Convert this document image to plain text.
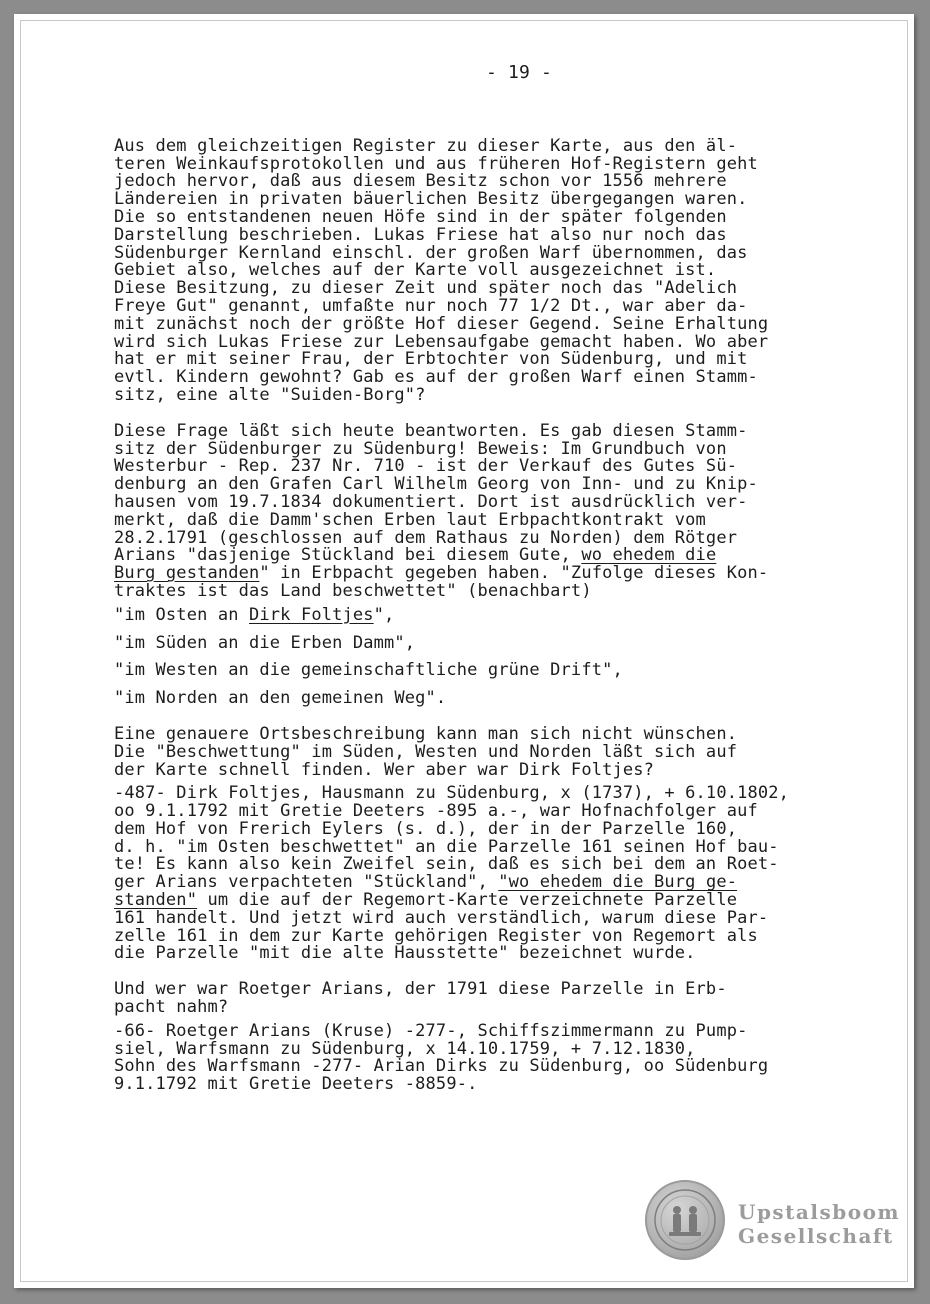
- 19 -
Aus dem gleichzeitigen Register zu dieser Karte, aus den äl-
teren Weinkaufsprotokollen und aus früheren Hof-Registern geht
jedoch hervor, daß aus diesem Besitz schon vor 1556 mehrere
Ländereien in privaten bäuerlichen Besitz übergegangen waren.
Die so entstandenen neuen Höfe sind in der später folgenden
Darstellung beschrieben. Lukas Friese hat also nur noch das
Südenburger Kernland einschl. der großen Warf übernommen, das
Gebiet also, welches auf der Karte voll ausgezeichnet ist.
Diese Besitzung, zu dieser Zeit und später noch das "Adelich
Freye Gut" genannt, umfaßte nur noch 77 1/2 Dt., war aber da-
mit zunächst noch der größte Hof dieser Gegend. Seine Erhaltung
wird sich Lukas Friese zur Lebensaufgabe gemacht haben. Wo aber
hat er mit seiner Frau, der Erbtochter von Südenburg, und mit
evtl. Kindern gewohnt? Gab es auf der großen Warf einen Stamm-
sitz, eine alte "Suiden-Borg"?
Diese Frage läßt sich heute beantworten. Es gab diesen Stamm-
sitz der Südenburger zu Südenburg! Beweis: Im Grundbuch von
Westerbur - Rep. 237 Nr. 710 - ist der Verkauf des Gutes Sü-
denburg an den Grafen Carl Wilhelm Georg von Inn- und zu Knip-
hausen vom 19.7.1834 dokumentiert. Dort ist ausdrücklich ver-
merkt, daß die Damm'schen Erben laut Erbpachtkontrakt vom
28.2.1791 (geschlossen auf dem Rathaus zu Norden) dem Rötger
Arians "dasjenige Stückland bei diesem Gute, wo ehedem die
Burg gestanden" in Erbpacht gegeben haben. "Zufolge dieses Kon-
traktes ist das Land beschwettet" (benachbart)
"im Osten an Dirk Foltjes",
"im Süden an die Erben Damm",
"im Westen an die gemeinschaftliche grüne Drift",
"im Norden an den gemeinen Weg".
Eine genauere Ortsbeschreibung kann man sich nicht wünschen.
Die "Beschwettung" im Süden, Westen und Norden läßt sich auf
der Karte schnell finden. Wer aber war Dirk Foltjes?
-487- Dirk Foltjes, Hausmann zu Südenburg, x (1737), + 6.10.1802,
oo 9.1.1792 mit Gretie Deeters -895 a.-, war Hofnachfolger auf
dem Hof von Frerich Eylers (s. d.), der in der Parzelle 160,
d. h. "im Osten beschwettet" an die Parzelle 161 seinen Hof bau-
te! Es kann also kein Zweifel sein, daß es sich bei dem an Roet-
ger Arians verpachteten "Stückland", "wo ehedem die Burg ge-
standen" um die auf der Regemort-Karte verzeichnete Parzelle
161 handelt. Und jetzt wird auch verständlich, warum diese Par-
zelle 161 in dem zur Karte gehörigen Register von Regemort als
die Parzelle "mit die alte Hausstette" bezeichnet wurde.
Und wer war Roetger Arians, der 1791 diese Parzelle in Erb-
pacht nahm?
-66- Roetger Arians (Kruse) -277-, Schiffszimmermann zu Pump-
siel, Warfsmann zu Südenburg, x 14.10.1759, + 7.12.1830,
Sohn des Warfsmann -277- Arian Dirks zu Südenburg, oo Südenburg
9.1.1792 mit Gretie Deeters -8859-.
Upstalsboom
Gesellschaft
